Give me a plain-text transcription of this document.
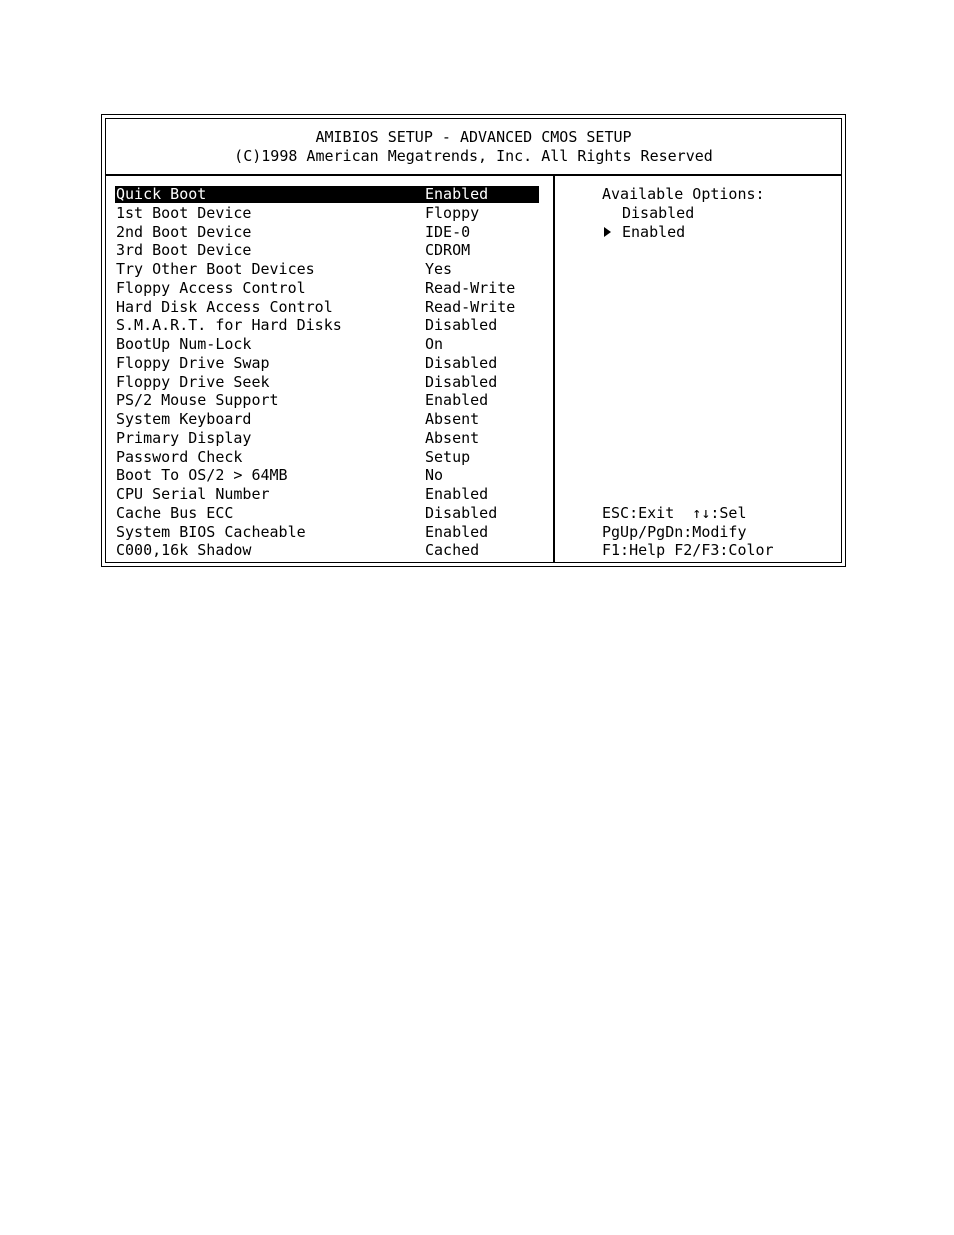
AMIBIOS SETUP - ADVANCED CMOS SETUP
(C)1998 American Megatrends, Inc. All Rights Reserved
Quick Boot	Enabled
1st Boot Device	Floppy
2nd Boot Device	IDE-0
3rd Boot Device	CDROM
Try Other Boot Devices	Yes
Floppy Access Control	Read-Write
Hard Disk Access Control	Read-Write
S.M.A.R.T. for Hard Disks	Disabled
BootUp Num-Lock	On
Floppy Drive Swap	Disabled
Floppy Drive Seek	Disabled
PS/2 Mouse Support	Enabled
System Keyboard	Absent
Primary Display	Absent
Password Check	Setup
Boot To OS/2 > 64MB	No
CPU Serial Number	Enabled
Cache Bus ECC	Disabled
System BIOS Cacheable	Enabled
C000,16k Shadow	Cached
Available Options:
Disabled
Enabled
ESC:Exit  ↑↓:Sel
PgUp/PgDn:Modify
F1:Help F2/F3:Color
